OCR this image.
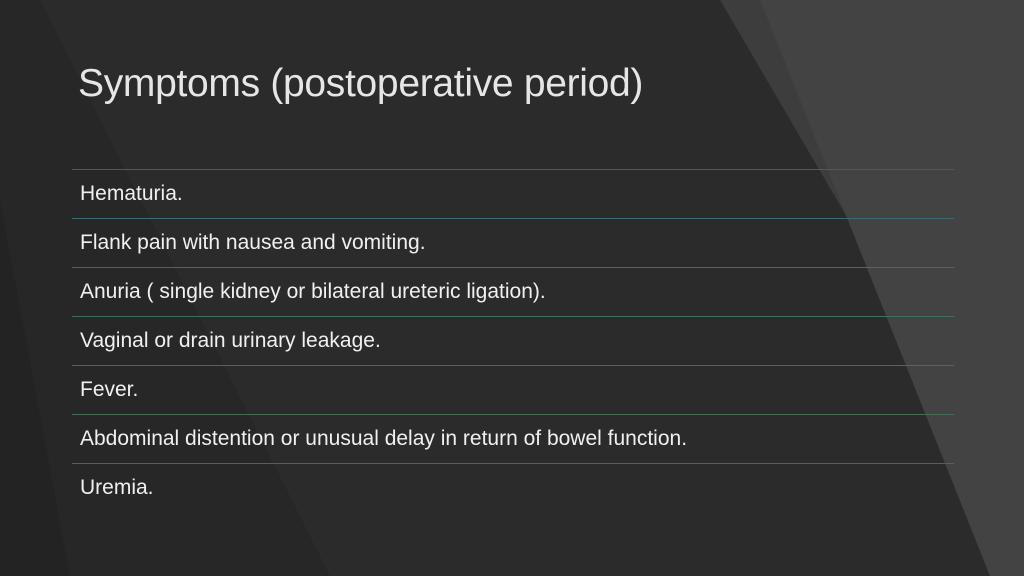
Symptoms (postoperative period)
Hematuria.
Flank pain with nausea and vomiting.
Anuria ( single kidney or bilateral ureteric ligation).
Vaginal or drain urinary leakage.
Fever.
Abdominal distention or unusual delay in return of bowel function.
Uremia.
